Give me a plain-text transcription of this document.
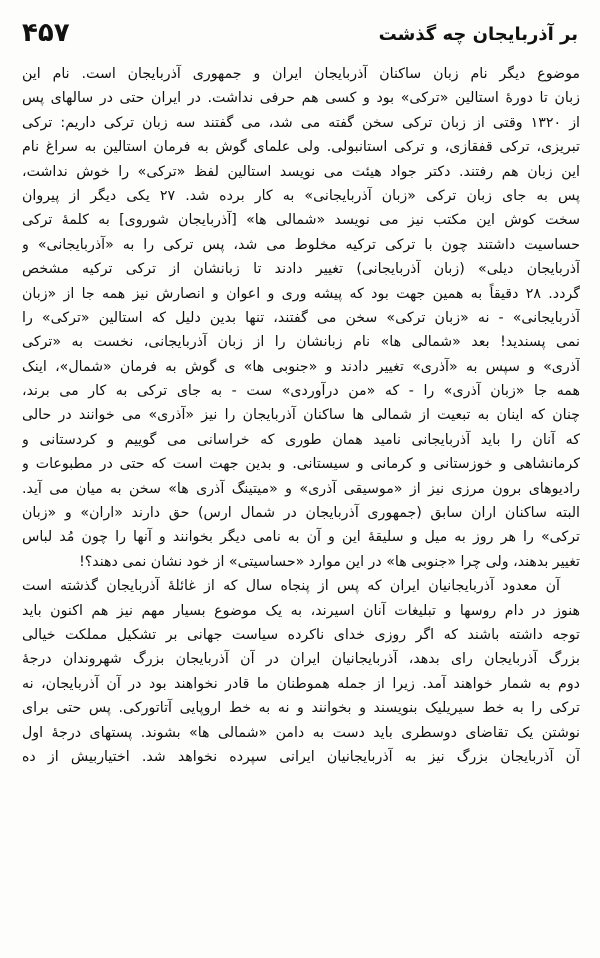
۴۵۷	بر آذربایجان چه گذشت
موضوع دیگر نام زبان ساکنان آذربایجان ایران و جمهوری آذربایجان است. نام این
زبان تا دورهٔ استالین «ترکی» بود و کسی هم حرفی نداشت. در ایران حتی در سالهای پس
از ۱۳۲۰ وقتی از زبان ترکی سخن گفته می شد، می گفتند سه زبان ترکی داریم: ترکی
تبریزی، ترکی قفقازی، و ترکی استانبولی. ولی علمای گوش به فرمان استالین به سراغ نام
این زبان هم رفتند. دکتر جواد هیئت می نویسد استالین لفظ «ترکی» را خوش نداشت،
پس به جای زبان ترکی «زبان آذربایجانی» به کار برده شد. ۲۷ یکی دیگر از پیروان
سخت کوش این مکتب نیز می نویسد «شمالی ها» [آذربایجان شوروی] به کلمهٔ ترکی
حساسیت داشتند چون با ترکی ترکیه مخلوط می شد، پس ترکی را به «آذربایجانی» و
آذربایجان دیلی» (زبان آذربایجانی) تغییر دادند تا زبانشان از ترکی ترکیه مشخص
گردد. ۲۸ دقیقاً به همین جهت بود که پیشه وری و اعوان و انصارش نیز همه جا از «زبان
آذربایجانی» - نه «زبان ترکی» سخن می گفتند، تنها بدین دلیل که استالین «ترکی» را
نمی پسندید! بعد «شمالی ها» نام زبانشان را از زبان آذربایجانی، نخست به «ترکی
آذری» و سپس به «آذری» تغییر دادند و «جنوبی ها» ی گوش به فرمان «شمال»، اینک
همه جا «زبان آذری» را - که «من درآوردی» ست - به جای ترکی به کار می برند،
چنان که اینان به تبعیت از شمالی ها ساکنان آذربایجان را نیز «آذری» می خوانند در حالی
که آنان را باید آذربایجانی نامید همان طوری که خراسانی می گوییم و کردستانی و
کرمانشاهی و خوزستانی و کرمانی و سیستانی. و بدین جهت است که حتی در مطبوعات و
رادیوهای برون مرزی نیز از «موسیقی آذری» و «میتینگ آذری ها» سخن به میان می آید.
البته ساکنان اران سابق (جمهوری آذربایجان در شمال ارس) حق دارند «اران» و «زبان
ترکی» را هر روز به میل و سلیقهٔ این و آن به نامی دیگر بخوانند و آنها را چون مُد لباس
تغییر بدهند، ولی چرا «جنوبی ها» در این موارد «حساسیتی» از خود نشان نمی دهند؟!
آن معدود آذربایجانیان ایران که پس از پنجاه سال که از غائلهٔ آذربایجان گذشته است
هنوز در دام روسها و تبلیغات آنان اسیرند، به یک موضوع بسیار مهم نیز هم اکنون باید
توجه داشته باشند که اگر روزی خدای ناکرده سیاست جهانی بر تشکیل مملکت خیالی
بزرگ آذربایجان رای بدهد، آذربایجانیان ایران در آن آذربایجان بزرگ شهروندان درجهٔ
دوم به شمار خواهند آمد. زیرا از جمله هموطنان ما قادر نخواهند بود در آن آذربایجان، نه
ترکی را به خط سیریلیک بنویسند و بخوانند و نه به خط اروپایی آتاتورکی. پس حتی برای
نوشتن یک تقاضای دوسطری باید دست به دامن «شمالی ها» بشوند. پستهای درجهٔ اول
آن آذربایجان بزرگ نیز به آذربایجانیان ایرانی سپرده نخواهد شد. اختیاربیش از ده
